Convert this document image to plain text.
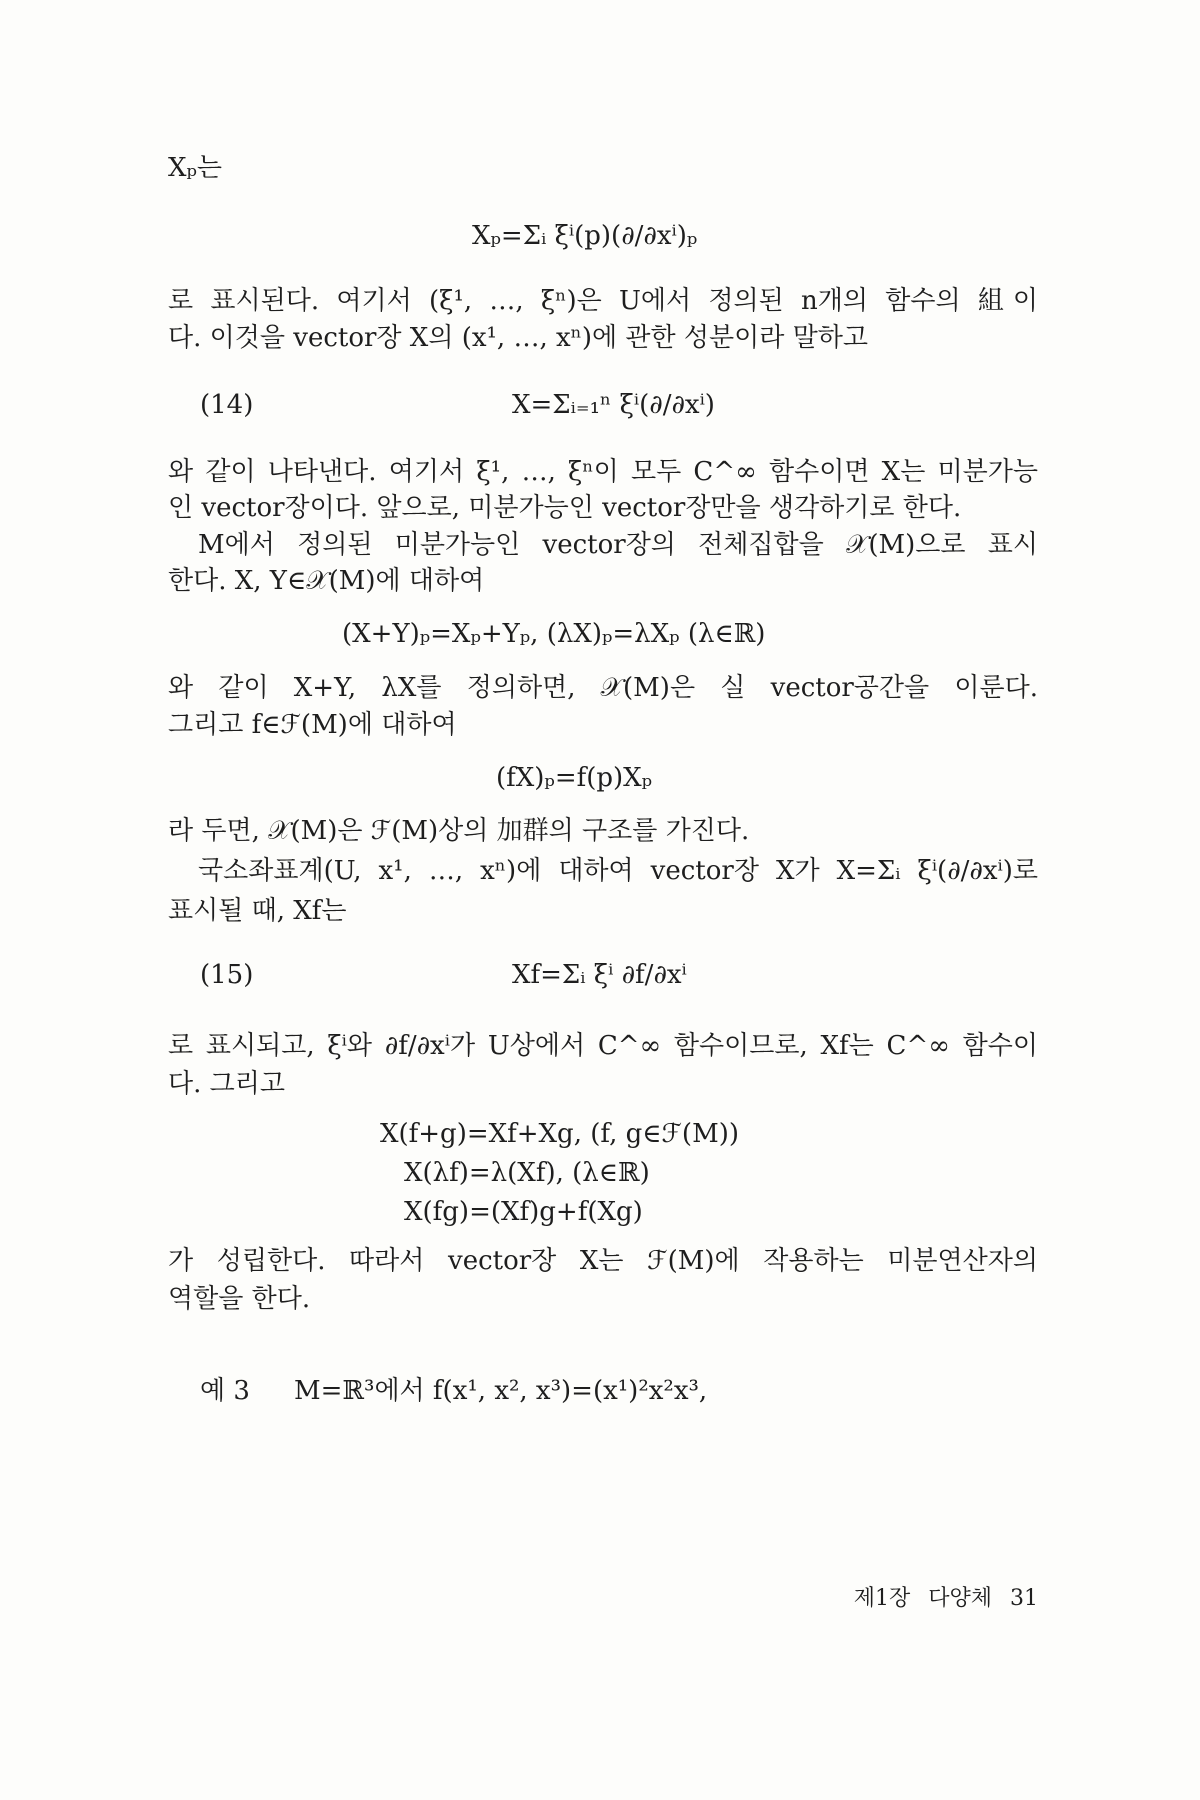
Xₚ는
Xₚ=Σᵢ ξⁱ(p)(∂/∂xⁱ)ₚ
로 표시된다. 여기서 (ξ¹, …, ξⁿ)은 U에서 정의된 n개의 함수의 組이
다. 이것을 vector장 X의 (x¹, …, xⁿ)에 관한 성분이라 말하고
(14)	X=Σᵢ₌₁ⁿ ξⁱ(∂/∂xⁱ)
와 같이 나타낸다. 여기서 ξ¹, …, ξⁿ이 모두 C^∞ 함수이면 X는 미분가능
인 vector장이다. 앞으로, 미분가능인 vector장만을 생각하기로 한다.
M에서 정의된 미분가능인 vector장의 전체집합을 𝒳(M)으로 표시
한다. X, Y∈𝒳(M)에 대하여
(X+Y)ₚ=Xₚ+Yₚ, (λX)ₚ=λXₚ (λ∈ℝ)
와 같이 X+Y, λX를 정의하면, 𝒳(M)은 실 vector공간을 이룬다.
그리고 f∈ℱ(M)에 대하여
(fX)ₚ=f(p)Xₚ
라 두면, 𝒳(M)은 ℱ(M)상의 加群의 구조를 가진다.
국소좌표계(U, x¹, …, xⁿ)에 대하여 vector장 X가 X=Σᵢ ξⁱ(∂/∂xⁱ)로
표시될 때, Xf는
(15)	Xf=Σᵢ ξⁱ ∂f/∂xⁱ
로 표시되고, ξⁱ와 ∂f/∂xⁱ가 U상에서 C^∞ 함수이므로, Xf는 C^∞ 함수이
다. 그리고
X(f+g)=Xf+Xg, (f, g∈ℱ(M))
X(λf)=λ(Xf), (λ∈ℝ)
X(fg)=(Xf)g+f(Xg)
가 성립한다. 따라서 vector장 X는 ℱ(M)에 작용하는 미분연산자의
역할을 한다.
예 3 M=ℝ³에서 f(x¹, x², x³)=(x¹)²x²x³,
제1장 다양체 31
